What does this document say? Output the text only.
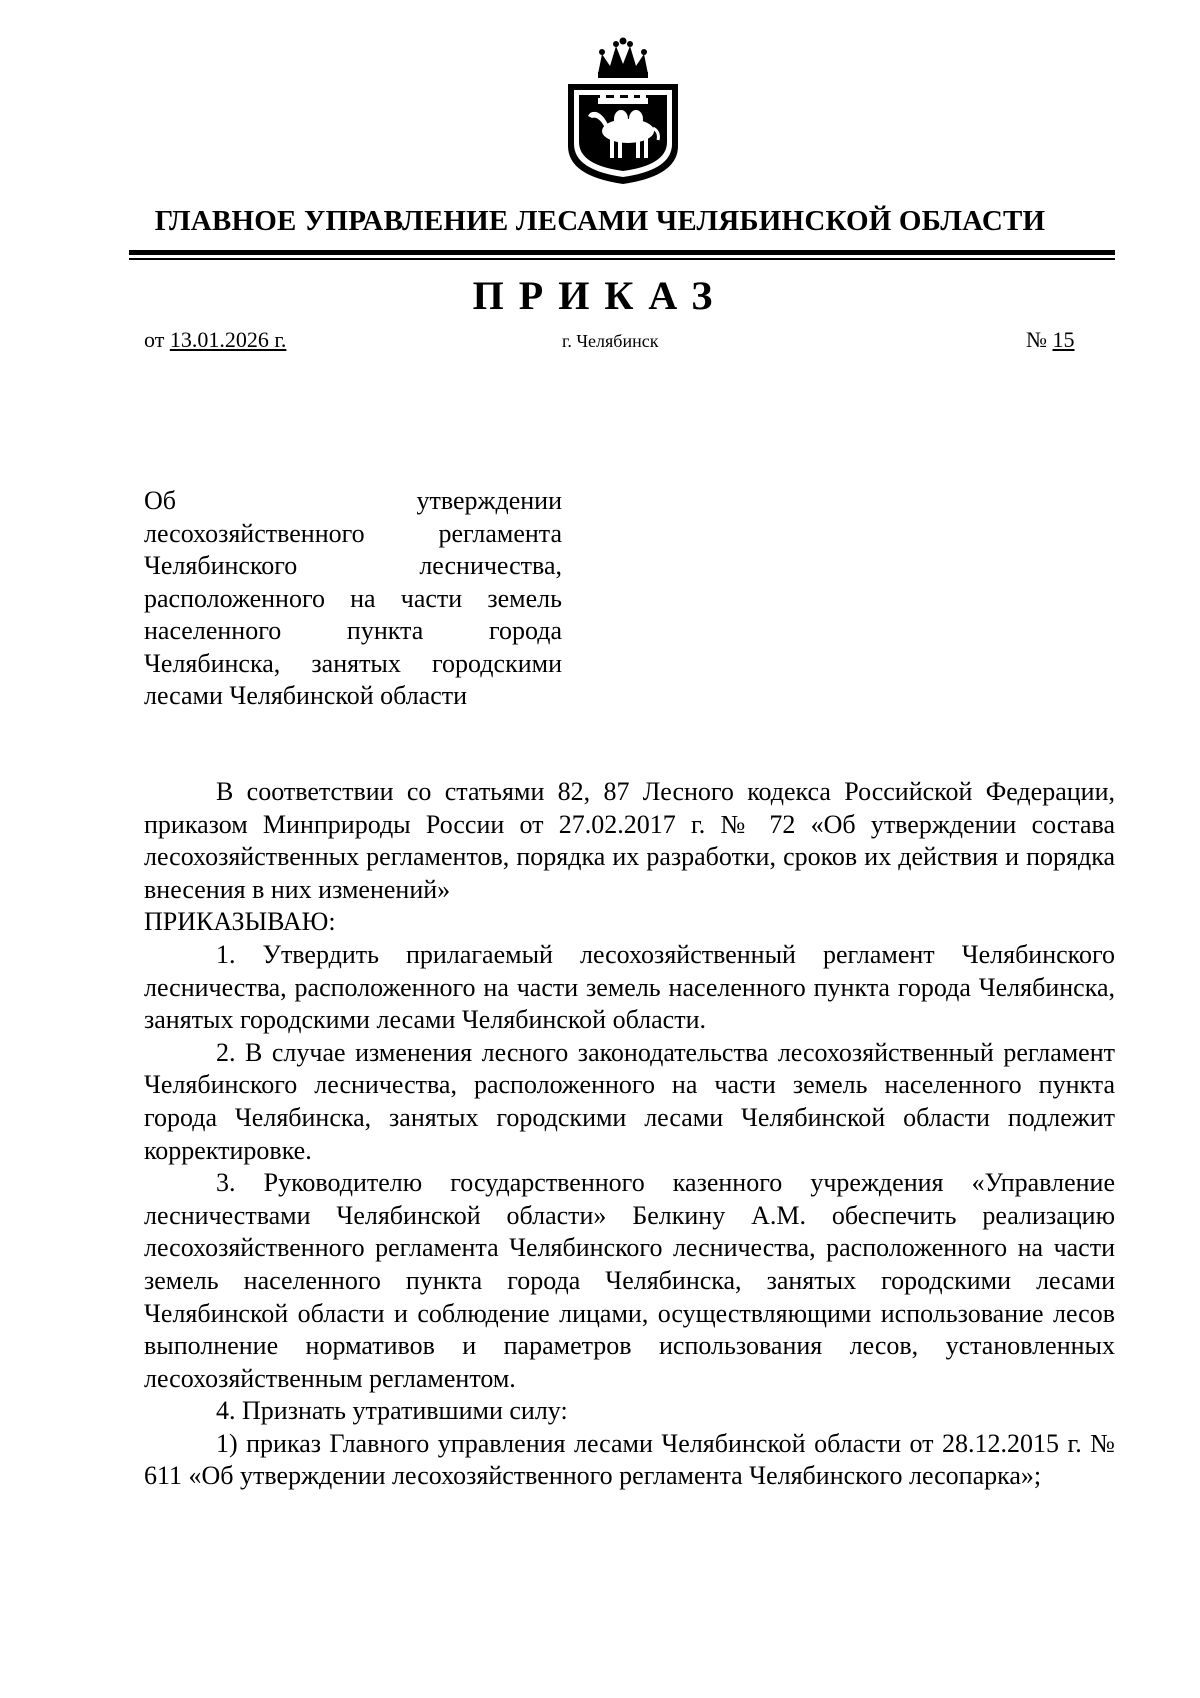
ГЛАВНОЕ УПРАВЛЕНИЕ ЛЕСАМИ ЧЕЛЯБИНСКОЙ ОБЛАСТИ
ПРИКАЗ
от 13.01.2026 г.	г. Челябинск	№ 15
Об утверждении
лесохозяйственного регламента
Челябинского лесничества,
расположенного на части земель
населенного пункта города
Челябинска, занятых городскими
лесами Челябинской области

В соответствии со статьями 82, 87 Лесного кодекса Российской Федерации, приказом Минприроды России от 27.02.2017 г. № 72 «Об утверждении состава лесохозяйственных регламентов, порядка их разработки, сроков их действия и порядка внесения в них изменений»

ПРИКАЗЫВАЮ:

1. Утвердить прилагаемый лесохозяйственный регламент Челябинского лесничества, расположенного на части земель населенного пункта города Челябинска, занятых городскими лесами Челябинской области.

2. В случае изменения лесного законодательства лесохозяйственный регламент Челябинского лесничества, расположенного на части земель населенного пункта города Челябинска, занятых городскими лесами Челябинской области подлежит корректировке.

3. Руководителю государственного казенного учреждения «Управление лесничествами Челябинской области» Белкину А.М. обеспечить реализацию лесохозяйственного регламента Челябинского лесничества, расположенного на части земель населенного пункта города Челябинска, занятых городскими лесами Челябинской области и соблюдение лицами, осуществляющими использование лесов выполнение нормативов и параметров использования лесов, установленных лесохозяйственным регламентом.

4. Признать утратившими силу:

1) приказ Главного управления лесами Челябинской области от 28.12.2015 г. № 611 «Об утверждении лесохозяйственного регламента Челябинского лесопарка»;
